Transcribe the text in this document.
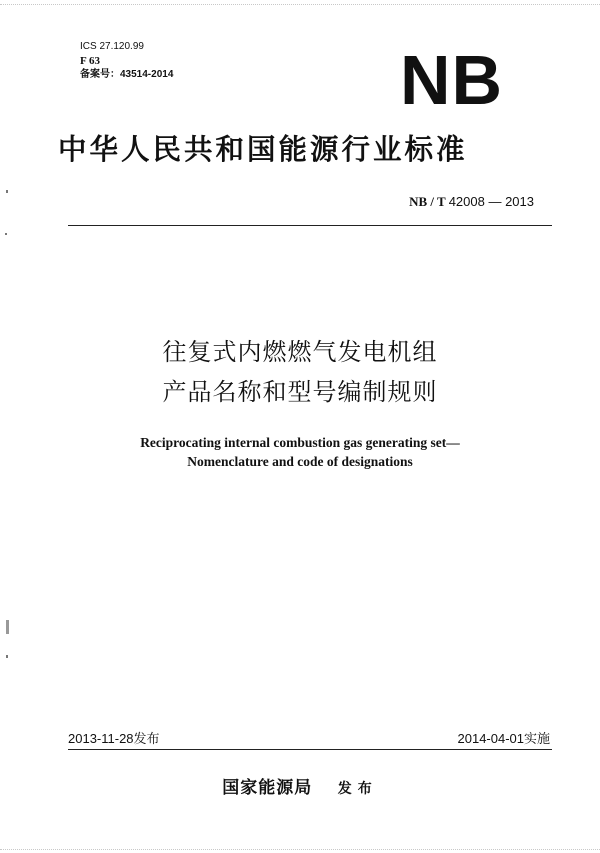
ICS 27.120.99
F 63
备案号：43514-2014	NB
中华人民共和国能源行业标准
NB / T 42008 — 2013
往复式内燃燃气发电机组
产品名称和型号编制规则
Reciprocating internal combustion gas generating set—
Nomenclature and code of designations
2013-11-28发布	2014-04-01实施
国家能源局 发布
